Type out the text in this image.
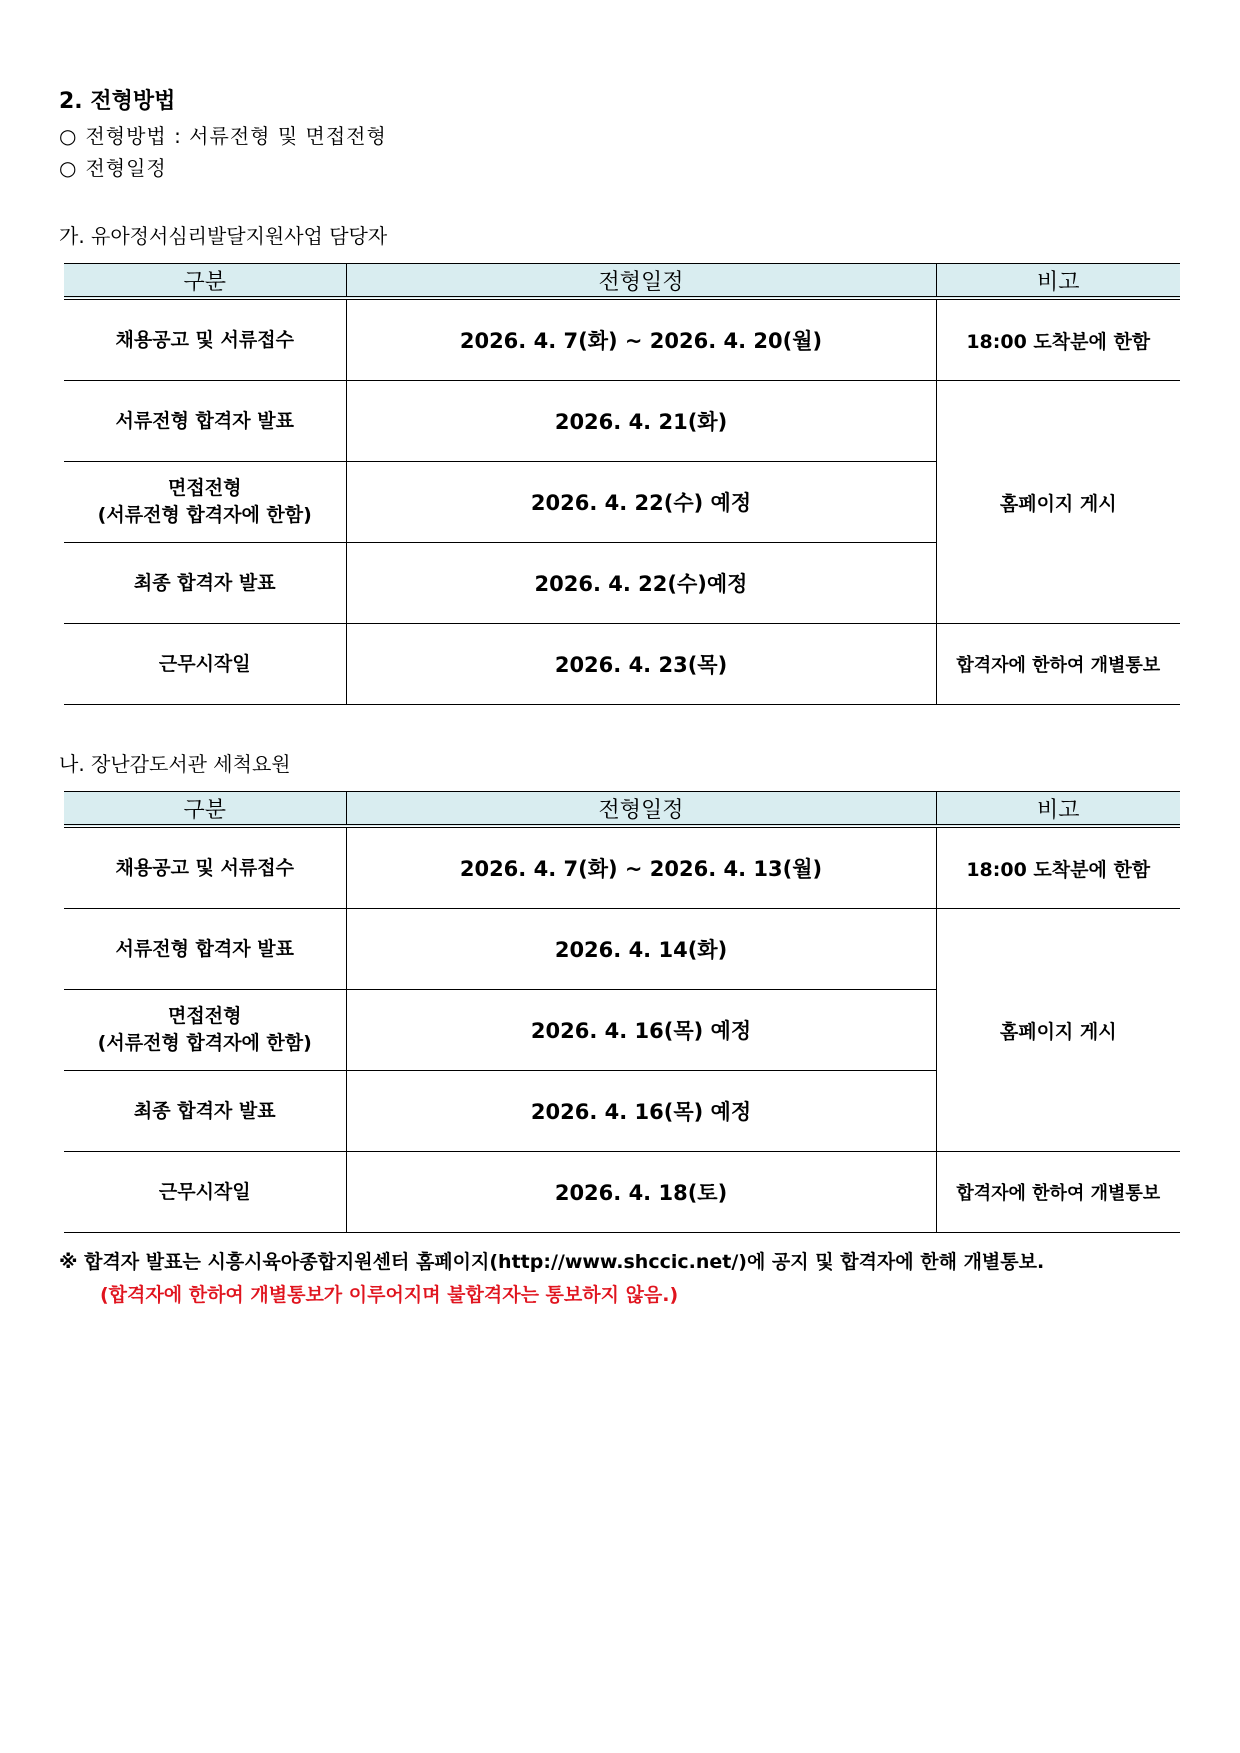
2. 전형방법
○ 전형방법 : 서류전형 및 면접전형
○ 전형일정
가. 유아정서심리발달지원사업 담당자
구분	전형일정	비고
채용공고 및 서류접수	2026. 4. 7(화) ~ 2026. 4. 20(월)	18:00 도착분에 한함
서류전형 합격자 발표	2026. 4. 21(화)	홈페이지 게시

면접전형
(서류전형 합격자에 한함)	2026. 4. 22(수) 예정	
최종 합격자 발표	2026. 4. 22(수)예정	
근무시작일	2026. 4. 23(목)	합격자에 한하여 개별통보
나. 장난감도서관 세척요원
구분	전형일정	비고
채용공고 및 서류접수	2026. 4. 7(화) ~ 2026. 4. 13(월)	18:00 도착분에 한함
서류전형 합격자 발표	2026. 4. 14(화)	홈페이지 게시

면접전형
(서류전형 합격자에 한함)	2026. 4. 16(목) 예정	
최종 합격자 발표	2026. 4. 16(목) 예정	
근무시작일	2026. 4. 18(토)	합격자에 한하여 개별통보
※ 합격자 발표는 시흥시육아종합지원센터 홈페이지(http://www.shccic.net/)에 공지 및 합격자에 한해 개별통보.
(합격자에 한하여 개별통보가 이루어지며 불합격자는 통보하지 않음.)
